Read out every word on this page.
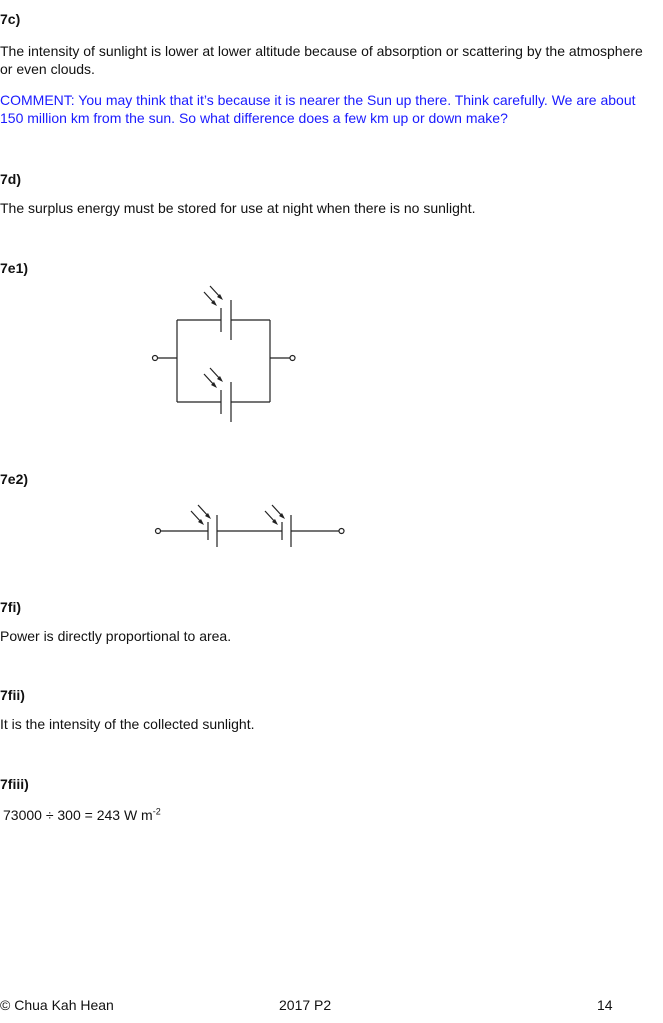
7c)
The intensity of sunlight is lower at lower altitude because of absorption or scattering by the atmosphere or even clouds.
COMMENT: You may think that it’s because it is nearer the Sun up there. Think carefully. We are about 150 million km from the sun. So what difference does a few km up or down make?
7d)
The surplus energy must be stored for use at night when there is no sunlight.
7e1)
7e2)
7fi)
Power is directly proportional to area.
7fii)
It is the intensity of the collected sunlight.
7fiii)
73000 ÷ 300 = 243 W $m^{-2}$
© Chua Kah Hean	2017 P2	14
